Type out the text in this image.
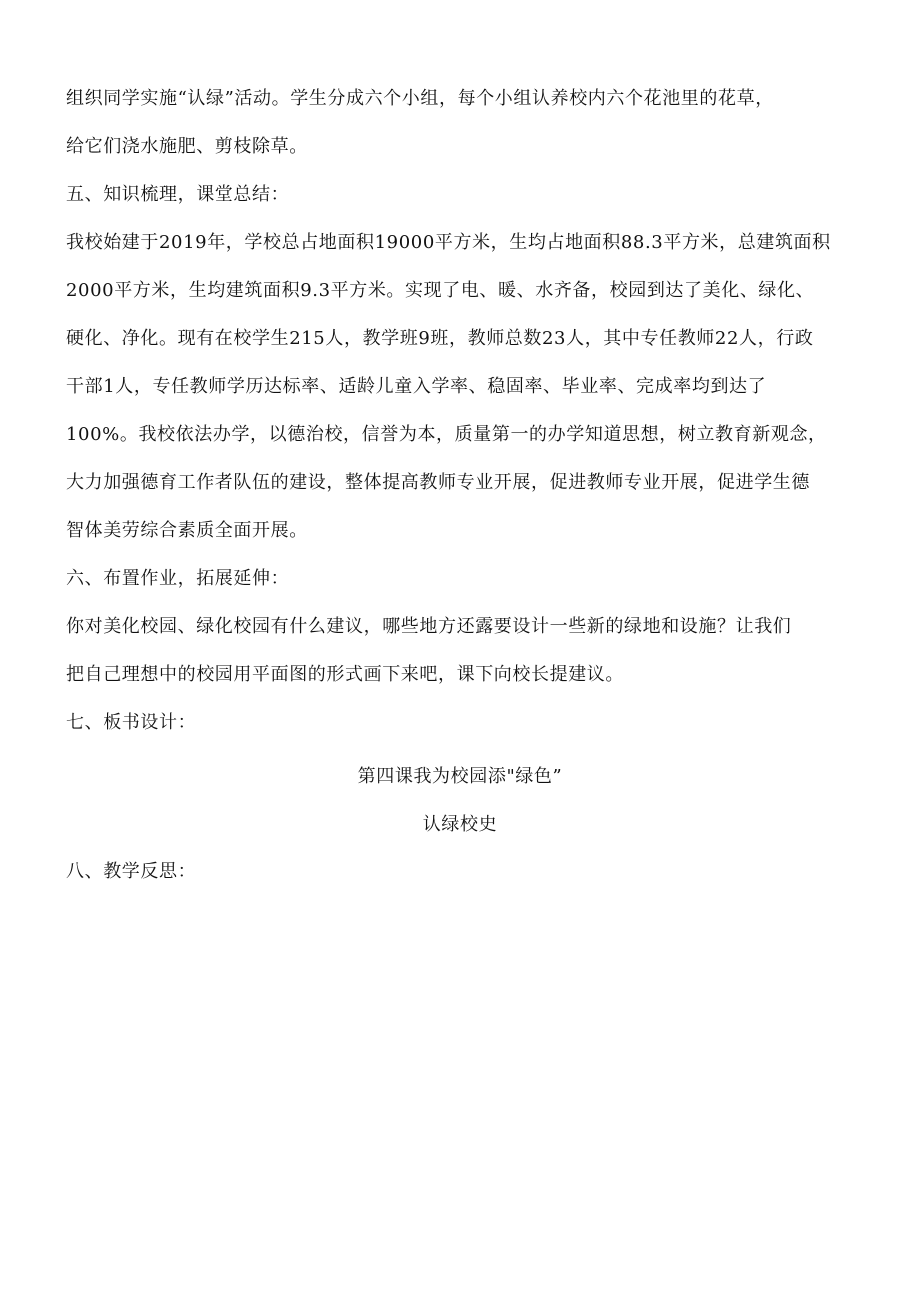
组织同学实施“认绿”活动。学生分成六个小组，每个小组认养校内六个花池里的花草，
给它们浇水施肥、剪枝除草。
五、知识梳理，课堂总结：
我校始建于2019年，学校总占地面积19000平方米，生均占地面积88.3平方米，总建筑面积
2000平方米，生均建筑面积9.3平方米。实现了电、暖、水齐备，校园到达了美化、绿化、
硬化、净化。现有在校学生215人，教学班9班，教师总数23人，其中专任教师22人，行政
干部1人，专任教师学历达标率、适龄儿童入学率、稳固率、毕业率、完成率均到达了
100%。我校依法办学，以德治校，信誉为本，质量第一的办学知道思想，树立教育新观念，
大力加强德育工作者队伍的建设，整体提高教师专业开展，促进教师专业开展，促进学生德
智体美劳综合素质全面开展。
六、布置作业，拓展延伸：
你对美化校园、绿化校园有什么建议，哪些地方还露要设计一些新的绿地和设施？让我们
把自己理想中的校园用平面图的形式画下来吧，课下向校长提建议。
七、板书设计：
第四课我为校园添"绿色”
认绿校史
八、教学反思：
